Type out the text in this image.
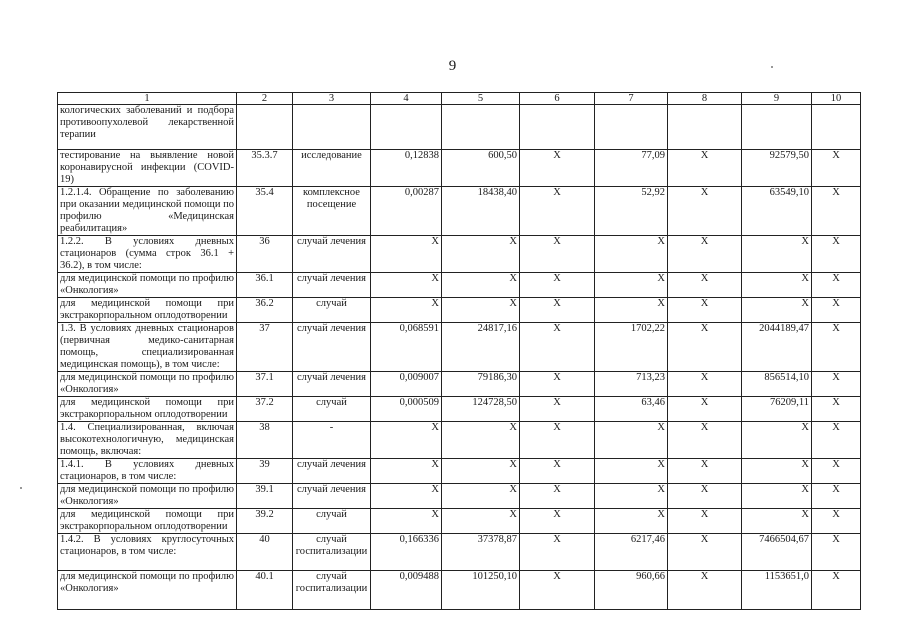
9
1	2	3	4	5	6	7	8	9	10
кологических заболеваний и подбора противоопухолевой лекарственной терапии									
тестирование на выявление новой коронавирусной инфекции (COVID-19)	35.3.7	исследование	0,12838	600,50	X	77,09	X	92579,50	X
1.2.1.4. Обращение по заболеванию при оказании медицинской помощи по профилю «Медицинская реабилитация»	35.4	комплексное посещение	0,00287	18438,40	X	52,92	X	63549,10	X
1.2.2. В условиях дневных стационаров (сумма строк 36.1 + 36.2), в том числе:	36	случай лечения	X	X	X	X	X	X	X
для медицинской помощи по профилю «Онкология»	36.1	случай лечения	X	X	X	X	X	X	X
для медицинской помощи при экстракорпоральном оплодотворении	36.2	случай	X	X	X	X	X	X	X
1.3. В условиях дневных стационаров (первичная медико-санитарная помощь, специализированная медицинская помощь), в том числе:	37	случай лечения	0,068591	24817,16	X	1702,22	X	2044189,47	X
для медицинской помощи по профилю «Онкология»	37.1	случай лечения	0,009007	79186,30	X	713,23	X	856514,10	X
для медицинской помощи при экстракорпоральном оплодотворении	37.2	случай	0,000509	124728,50	X	63,46	X	76209,11	X
1.4. Специализированная, включая высокотехнологичную, медицинская помощь, включая:	38	-	X	X	X	X	X	X	X
1.4.1. В условиях дневных стационаров, в том числе:	39	случай лечения	X	X	X	X	X	X	X
для медицинской помощи по профилю «Онкология»	39.1	случай лечения	X	X	X	X	X	X	X
для медицинской помощи при экстракорпоральном оплодотворении	39.2	случай	X	X	X	X	X	X	X
1.4.2. В условиях круглосуточных стационаров, в том числе:	40	случай госпитализации	0,166336	37378,87	X	6217,46	X	7466504,67	X
для медицинской помощи по профилю «Онкология»	40.1	случай госпитализации	0,009488	101250,10	X	960,66	X	1153651,0	X
